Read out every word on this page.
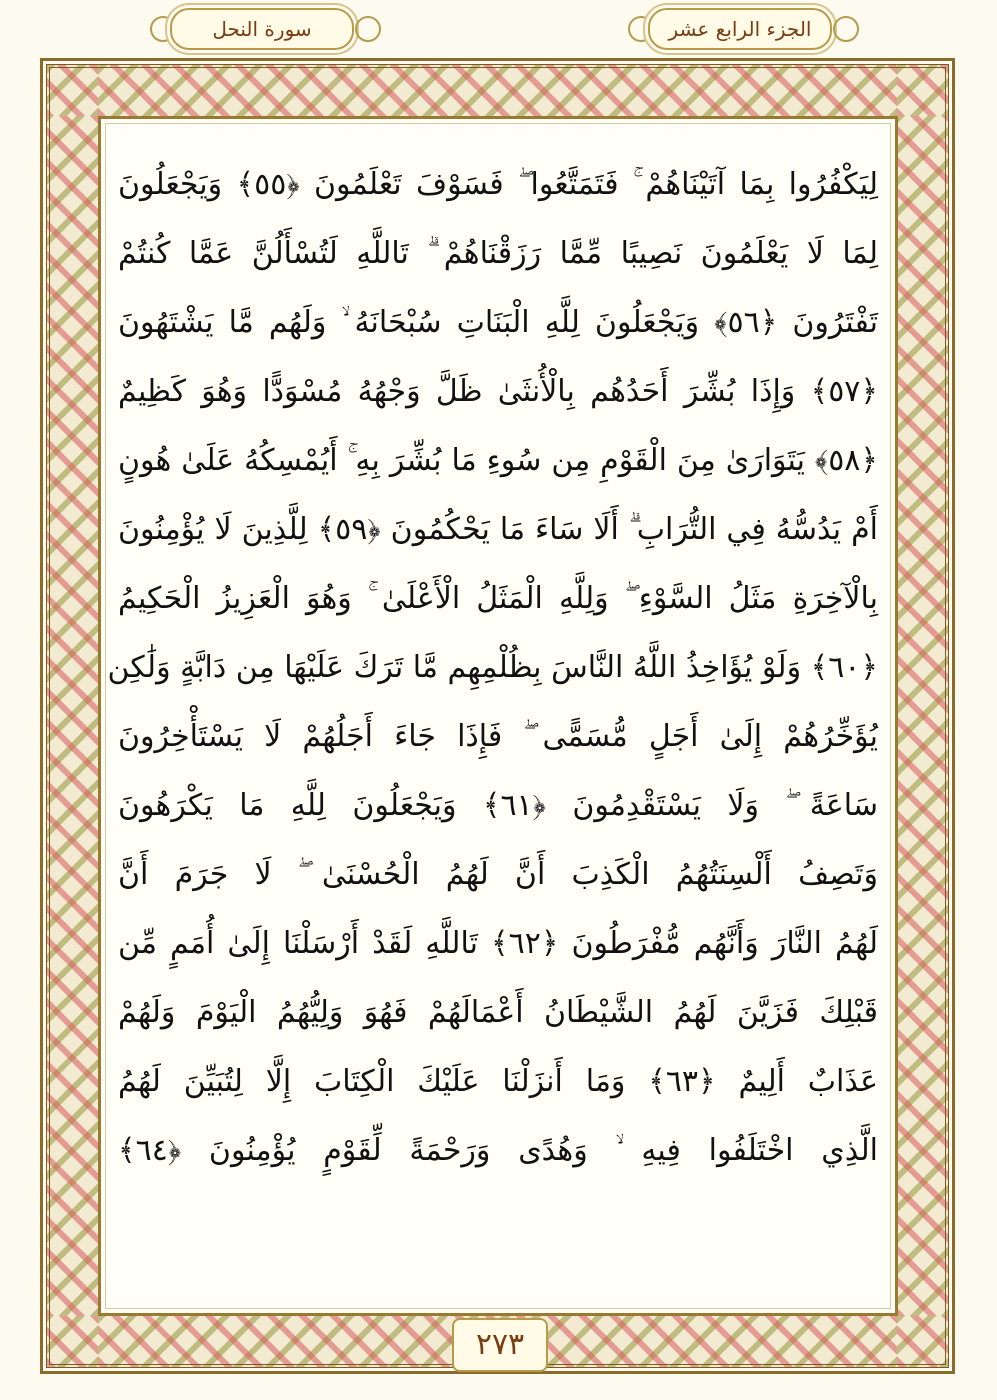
سورة النحل	الجزء الرابع عشر
لِيَكْفُرُوا بِمَا آتَيْنَاهُمْ ۚ فَتَمَتَّعُوا ۖ فَسَوْفَ تَعْلَمُونَ ﴿٥٥﴾ وَيَجْعَلُونَ
لِمَا لَا يَعْلَمُونَ نَصِيبًا مِّمَّا رَزَقْنَاهُمْ ۗ تَاللَّهِ لَتُسْأَلُنَّ عَمَّا كُنتُمْ
تَفْتَرُونَ ﴿٥٦﴾ وَيَجْعَلُونَ لِلَّهِ الْبَنَاتِ سُبْحَانَهُ ۙ وَلَهُم مَّا يَشْتَهُونَ
﴿٥٧﴾ وَإِذَا بُشِّرَ أَحَدُهُم بِالْأُنثَىٰ ظَلَّ وَجْهُهُ مُسْوَدًّا وَهُوَ كَظِيمٌ
﴿٥٨﴾ يَتَوَارَىٰ مِنَ الْقَوْمِ مِن سُوءِ مَا بُشِّرَ بِهِ ۚ أَيُمْسِكُهُ عَلَىٰ هُونٍ
أَمْ يَدُسُّهُ فِي التُّرَابِ ۗ أَلَا سَاءَ مَا يَحْكُمُونَ ﴿٥٩﴾ لِلَّذِينَ لَا يُؤْمِنُونَ
بِالْآخِرَةِ مَثَلُ السَّوْءِ ۖ وَلِلَّهِ الْمَثَلُ الْأَعْلَىٰ ۚ وَهُوَ الْعَزِيزُ الْحَكِيمُ
﴿٦٠﴾ وَلَوْ يُؤَاخِذُ اللَّهُ النَّاسَ بِظُلْمِهِم مَّا تَرَكَ عَلَيْهَا مِن دَابَّةٍ وَلَٰكِن
يُؤَخِّرُهُمْ إِلَىٰ أَجَلٍ مُّسَمًّى ۖ فَإِذَا جَاءَ أَجَلُهُمْ لَا يَسْتَأْخِرُونَ
سَاعَةً ۖ وَلَا يَسْتَقْدِمُونَ ﴿٦١﴾ وَيَجْعَلُونَ لِلَّهِ مَا يَكْرَهُونَ
وَتَصِفُ أَلْسِنَتُهُمُ الْكَذِبَ أَنَّ لَهُمُ الْحُسْنَىٰ ۖ لَا جَرَمَ أَنَّ
لَهُمُ النَّارَ وَأَنَّهُم مُّفْرَطُونَ ﴿٦٢﴾ تَاللَّهِ لَقَدْ أَرْسَلْنَا إِلَىٰ أُمَمٍ مِّن
قَبْلِكَ فَزَيَّنَ لَهُمُ الشَّيْطَانُ أَعْمَالَهُمْ فَهُوَ وَلِيُّهُمُ الْيَوْمَ وَلَهُمْ
عَذَابٌ أَلِيمٌ ﴿٦٣﴾ وَمَا أَنزَلْنَا عَلَيْكَ الْكِتَابَ إِلَّا لِتُبَيِّنَ لَهُمُ
الَّذِي اخْتَلَفُوا فِيهِ ۙ وَهُدًى وَرَحْمَةً لِّقَوْمٍ يُؤْمِنُونَ ﴿٦٤﴾
٢٧٣
